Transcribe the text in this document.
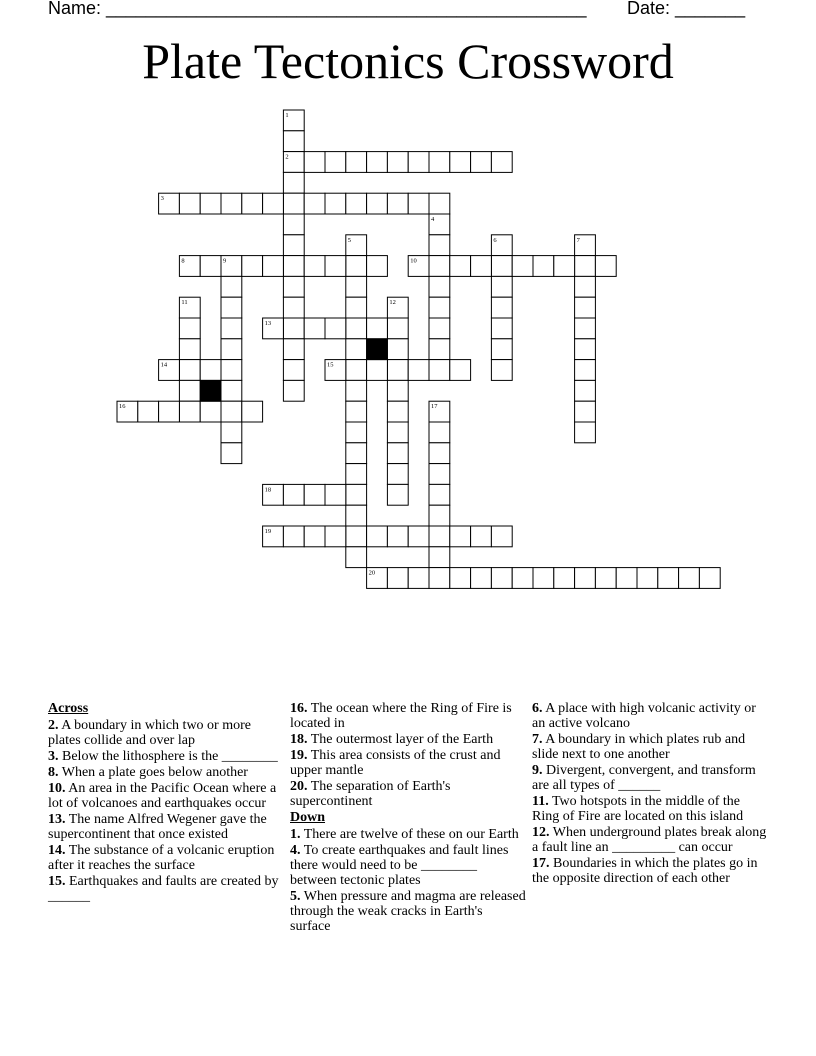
Name: ________________________________________________ Date: _______
Plate Tectonics Crossword
1
2
3
4
5	6	7
8	9	10
11	12
13
14	15
16	17
18
19
20
Across
2. A boundary in which two or more plates collide and over lap
3. Below the lithosphere is the ________
8. When a plate goes below another
10. An area in the Pacific Ocean where a lot of volcanoes and earthquakes occur
13. The name Alfred Wegener gave the supercontinent that once existed
14. The substance of a volcanic eruption after it reaches the surface
15. Earthquakes and faults are created by ______
16. The ocean where the Ring of Fire is located in
18. The outermost layer of the Earth
19. This area consists of the crust and upper mantle
20. The separation of Earth's supercontinent
Down
1. There are twelve of these on our Earth
4. To create earthquakes and fault lines there would need to be ________ between tectonic plates
5. When pressure and magma are released through the weak cracks in Earth's surface
6. A place with high volcanic activity or an active volcano
7. A boundary in which plates rub and slide next to one another
9. Divergent, convergent, and transform are all types of ______
11. Two hotspots in the middle of the Ring of Fire are located on this island
12. When underground plates break along a fault line an _________ can occur
17. Boundaries in which the plates go in the opposite direction of each other
